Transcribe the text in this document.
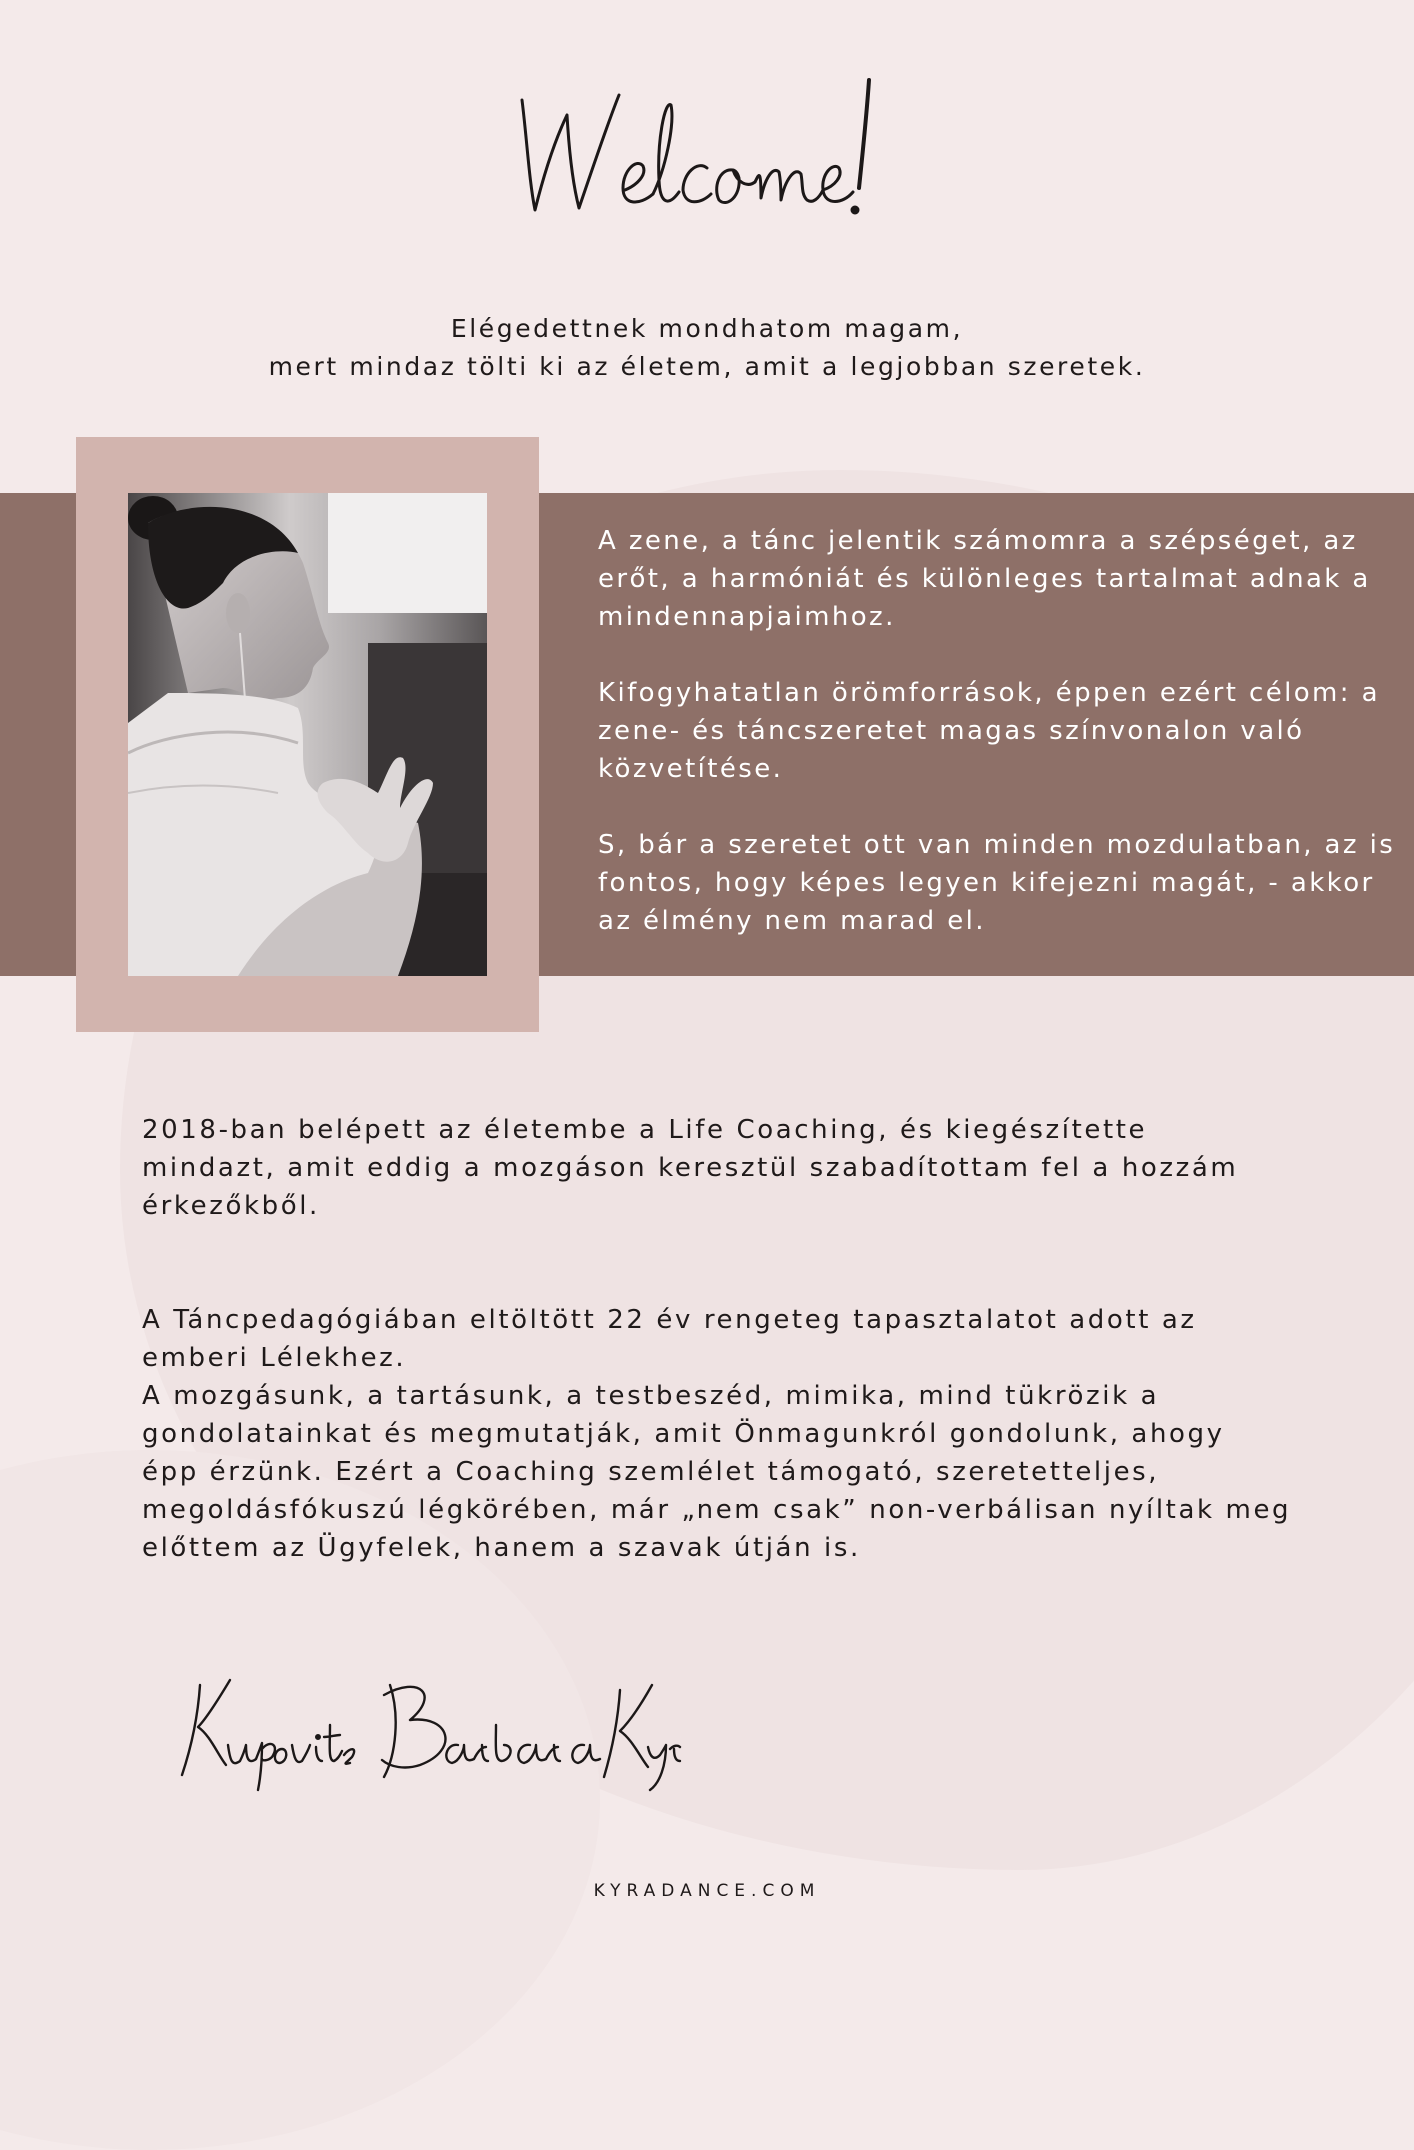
Elégedettnek mondhatom magam,
mert mindaz tölti ki az életem, amit a legjobban szeretek.

A zene, a tánc jelentik számomra a szépséget, az erőt, a harmóniát és különleges tartalmat adnak a mindennapjaimhoz.

Kifogyhatatlan örömforrások, éppen ezért célom: a zene- és táncszeretet magas színvonalon való közvetítése.

S, bár a szeretet ott van minden mozdulatban, az is fontos, hogy képes legyen kifejezni magát, - akkor az élmény nem marad el.

2018-ban belépett az életembe a Life Coaching, és kiegészítette mindazt, amit eddig a mozgáson keresztül szabadítottam fel a hozzám érkezőkből.

A Táncpedagógiában eltöltött 22 év rengeteg tapasztalatot adott az emberi Lélekhez.

A mozgásunk, a tartásunk, a testbeszéd, mimika, mind tükrözik a gondolatainkat és megmutatják, amit Önmagunkról gondolunk, ahogy épp érzünk. Ezért a Coaching szemlélet támogató, szeretetteljes, megoldásfókuszú légkörében, már „nem csak” non-verbálisan nyíltak meg előttem az Ügyfelek, hanem a szavak útján is.

KYRADANCE.COM
